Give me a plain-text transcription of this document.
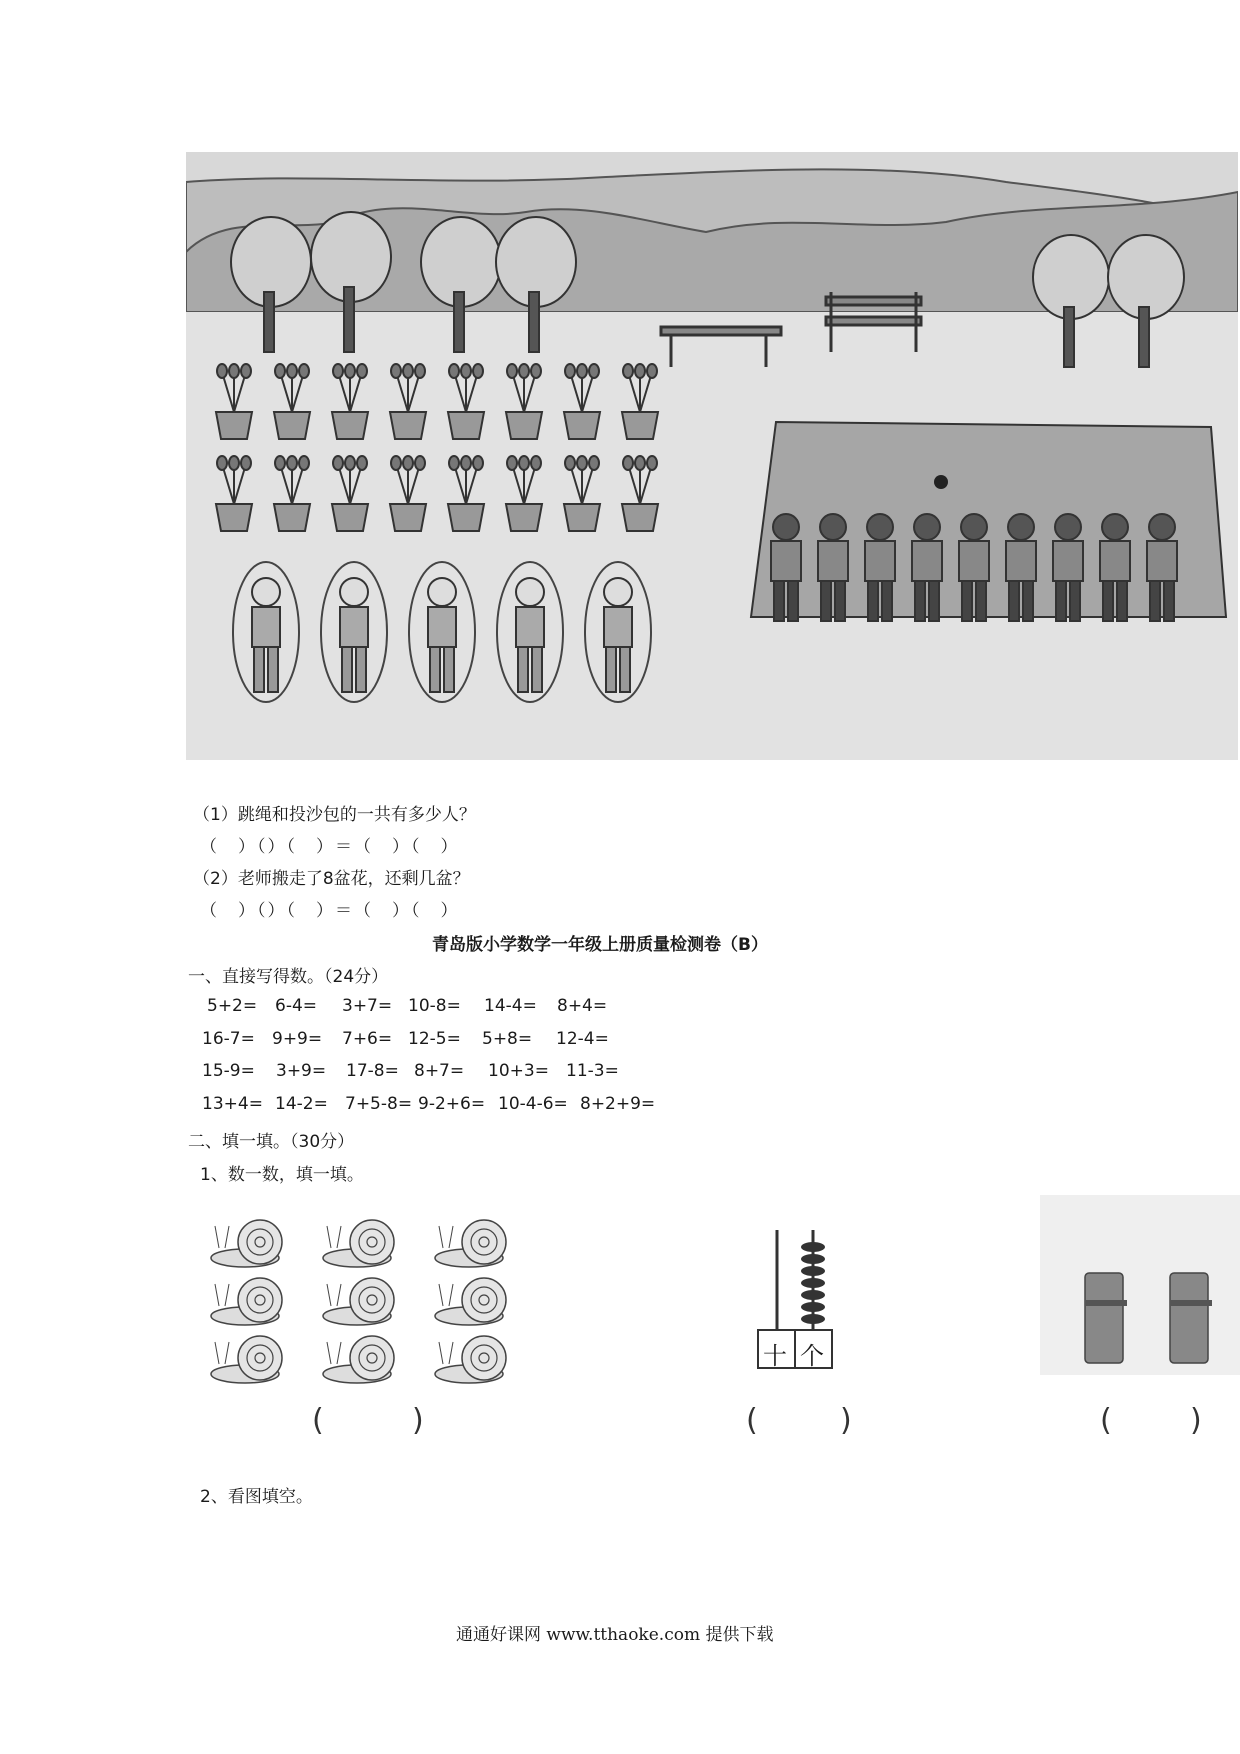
（1）跳绳和投沙包的一共有多少人？
（　）（）（　）＝（　）（　）
（2）老师搬走了8盆花，还剩几盆？
（　）（）（　）＝（　）（　）
青岛版小学数学一年级上册质量检测卷（B）
一、直接写得数。（24分）
5+2= 6-4= 3+7= 10-8= 14-4= 8+4=
16-7= 9+9= 7+6= 12-5= 5+8= 12-4=
15-9= 3+9= 17-8= 8+7= 10+3= 11-3=
13+4= 14-2= 7+5-8= 9-2+6= 10-4-6= 8+2+9=
二、填一填。（30分）
1、数一数，填一填。
(	)
十 个
(	)	(	)
2、看图填空。
通通好课网 www.tthaoke.com 提供下载
